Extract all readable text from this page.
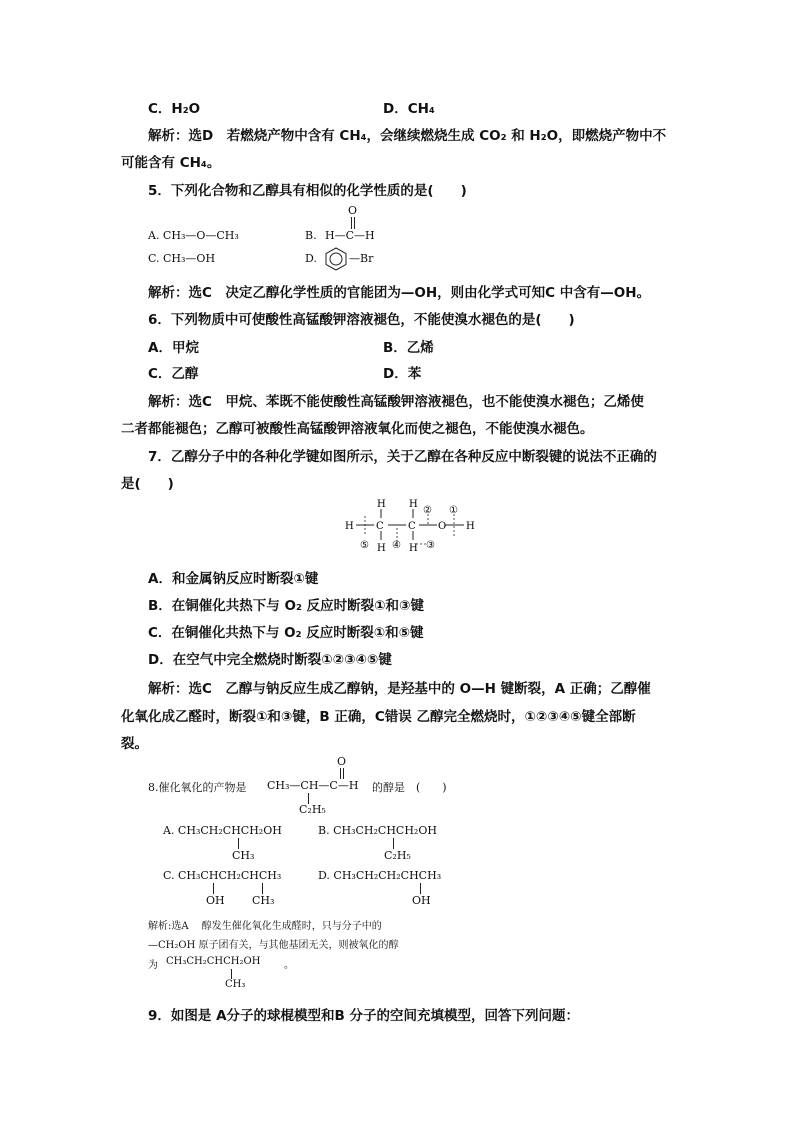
C．H₂O	D．CH₄
解析：选D　若燃烧产物中含有 CH₄，会继续燃烧生成 CO₂ 和 H₂O，即燃烧产物中不
可能含有 CH₄。
5．下列化合物和乙醇具有相似的化学性质的是(　　)
A. CH₃—O—CH₃	B.
O
H—C—H
C. CH₃—OH	D.	—Br
解析：选C　决定乙醇化学性质的官能团为—OH，则由化学式可知C 中含有—OH。
6．下列物质中可使酸性高锰酸钾溶液褪色，不能使溴水褪色的是(　　)
A．甲烷	B．乙烯
C．乙醇	D．苯
解析：选C　甲烷、苯既不能使酸性高锰酸钾溶液褪色，也不能使溴水褪色；乙烯使
二者都能褪色；乙醇可被酸性高锰酸钾溶液氧化而使之褪色，不能使溴水褪色。
7．乙醇分子中的各种化学键如图所示，关于乙醇在各种反应中断裂键的说法不正确的
是(　　)
H C C O H
H H
H H
①
②
③
④
⑤
A．和金属钠反应时断裂①键
B．在铜催化共热下与 O₂ 反应时断裂①和③键
C．在铜催化共热下与 O₂ 反应时断裂①和⑤键
D．在空气中完全燃烧时断裂①②③④⑤键
解析：选C　乙醇与钠反应生成乙醇钠，是羟基中的 O—H 键断裂，A 正确；乙醇催
化氧化成乙醛时，断裂①和③键，B 正确，C错误 乙醇完全燃烧时，①②③④⑤键全部断
裂。
8.催化氧化的产物是 CH₃—CH—C—H
O
C₂H₅
的醇是　(　　)
A. CH₃CH₂CHCH₂OH
CH₃
B. CH₃CH₂CHCH₂OH
C₂H₅
C. CH₃CHCH₂CHCH₃
OH CH₃
D. CH₃CH₂CH₂CHCH₃
OH
解析:选A　 醇发生催化氧化生成醛时，只与分子中的
—CH₂OH 原子团有关，与其他基团无关，则被氧化的醇
为 CH₃CH₂CHCH₂OH 。
CH₃
9．如图是 A分子的球棍模型和B 分子的空间充填模型，回答下列问题：
